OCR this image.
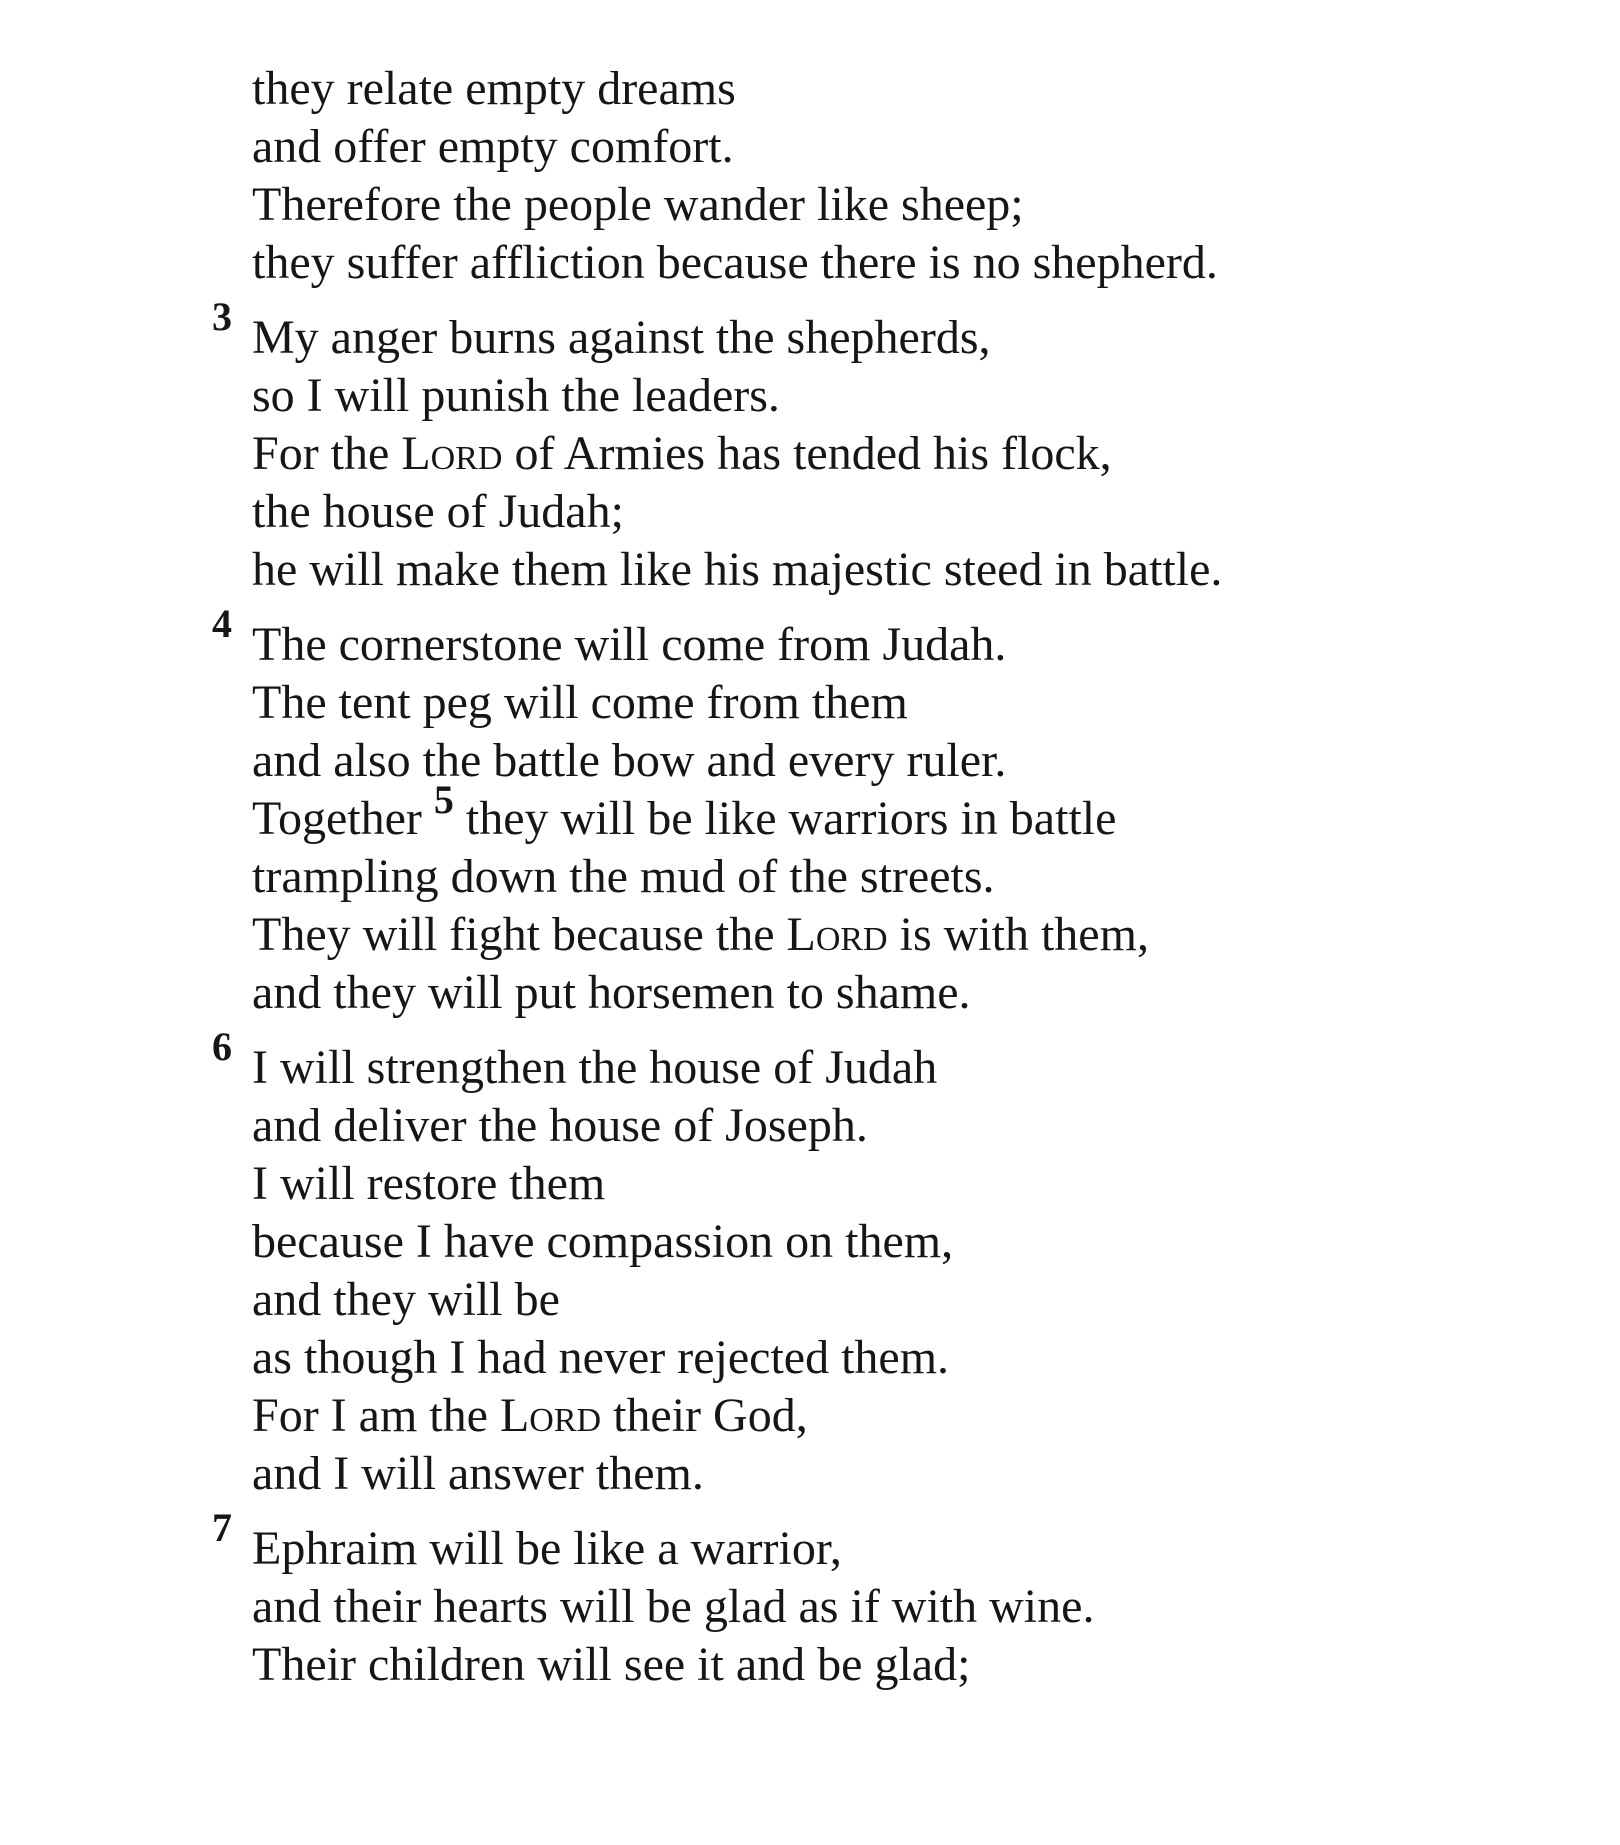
they relate empty dreams
and offer empty comfort.
Therefore the people wander like sheep;
they suffer affliction because there is no shepherd.
3 My anger burns against the shepherds,
so I will punish the leaders.
For the Lord of Armies has tended his flock,
the house of Judah;
he will make them like his majestic steed in battle.
4 The cornerstone will come from Judah.
The tent peg will come from them
and also the battle bow and every ruler.
Together $^5$ they will be like warriors in battle
trampling down the mud of the streets.
They will fight because the Lord is with them,
and they will put horsemen to shame.
6 I will strengthen the house of Judah
and deliver the house of Joseph.
I will restore them
because I have compassion on them,
and they will be
as though I had never rejected them.
For I am the Lord their God,
and I will answer them.
7 Ephraim will be like a warrior,
and their hearts will be glad as if with wine.
Their children will see it and be glad;
